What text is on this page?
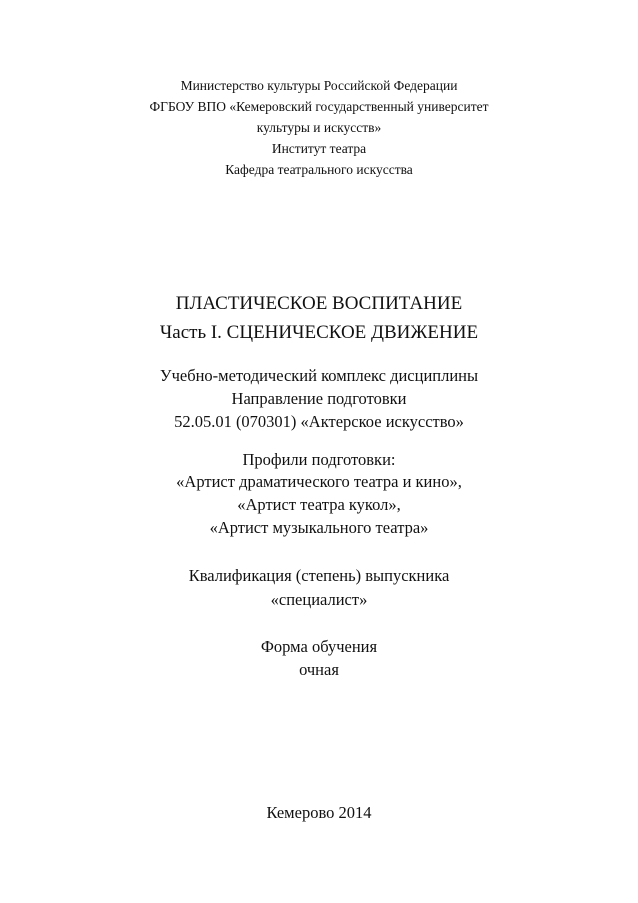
Министерство культуры Российской Федерации
ФГБОУ ВПО «Кемеровский государственный университет
культуры и искусств»
Институт театра
Кафедра театрального искусства
ПЛАСТИЧЕСКОЕ ВОСПИТАНИЕ
Часть I. СЦЕНИЧЕСКОЕ ДВИЖЕНИЕ
Учебно-методический комплекс дисциплины
Направление подготовки
52.05.01 (070301) «Актерское искусство»
Профили подготовки:
«Артист драматического театра и кино»,
«Артист театра кукол»,
«Артист музыкального театра»
Квалификация (степень) выпускника
«специалист»
Форма обучения
очная
Кемерово 2014
